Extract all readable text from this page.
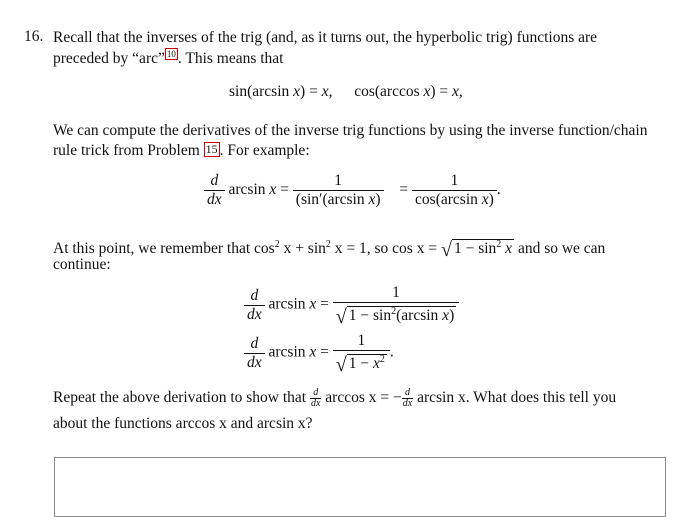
16. Recall that the inverses of the trig (and, as it turns out, the hyperbolic trig) functions are
preceded by “arc” 10 . This means that
sin(arcsin x) = x, cos(arccos x) = x,
We can compute the derivatives of the inverse trig functions by using the inverse function/chain
rule trick from Problem 15 . For example:
$\frac{d}{dx}$ $\arcsin x = \frac{1}{\text{(sin′(arcsin x)}} = \frac{1}{\text{cos(arcsin x)}}$ .
At this point, we remember that $\cos^2 x + \sin^2 x = 1$, so cos x = √ $1 - \sin^2 x$ and so we can
continue:
$\frac{d}{dx}$ $\arcsin x = \frac{1}{√ 1 - \sin^2(\arcsin x)}$
$\frac{d}{dx}$ $\arcsin x = \frac{1}{√ 1 - x^2}$ .
Repeat the above derivation to show that $\frac{d}{dx}$ arccos x = − $\frac{d}{dx}$ arcsin x. What does this tell you
about the functions arccos x and arcsin x?
